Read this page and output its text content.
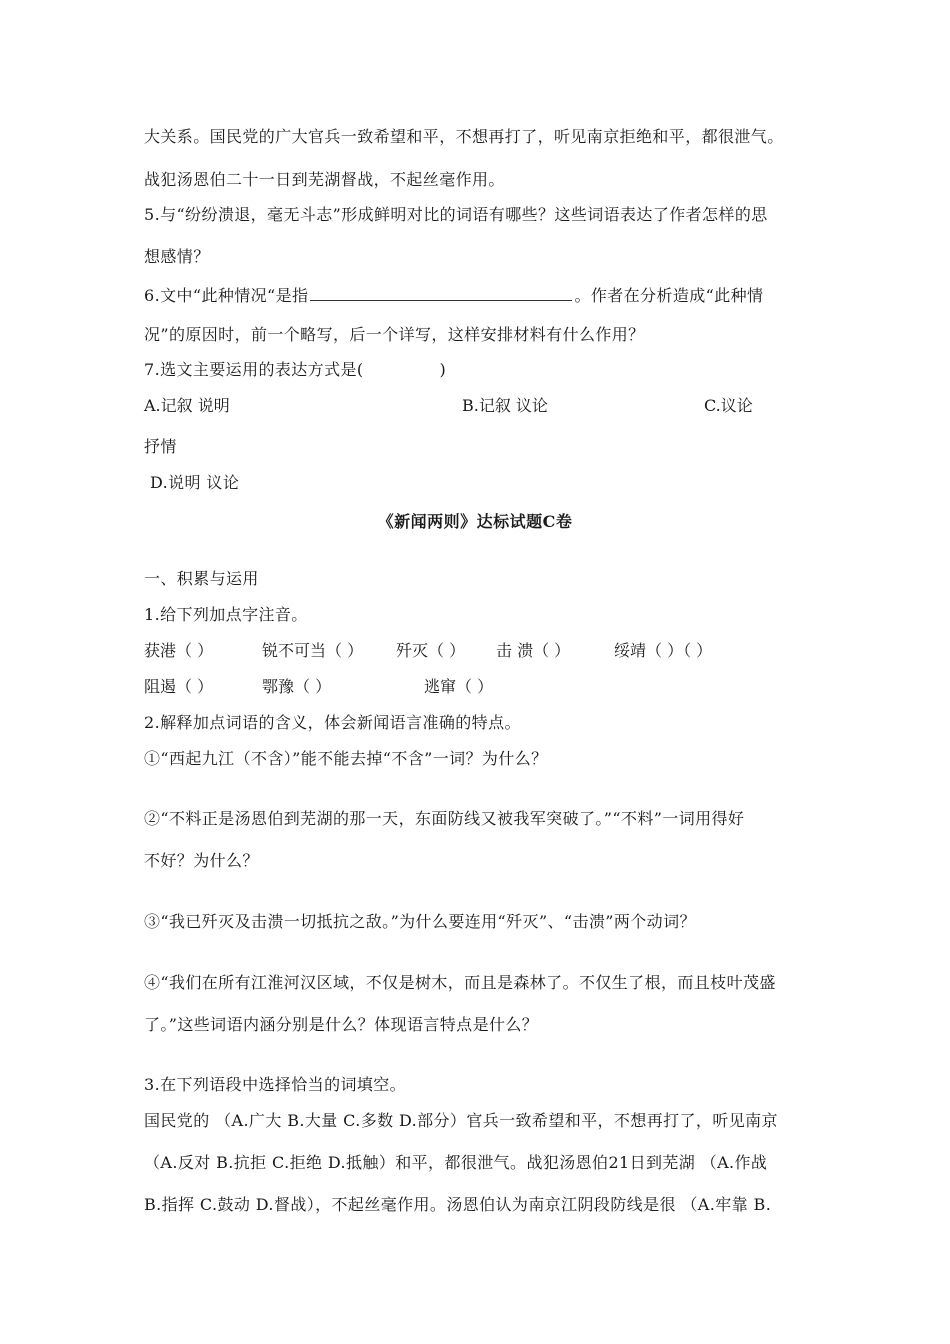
大关系。国民党的广大官兵一致希望和平，不想再打了，听见南京拒绝和平，都很泄气。
战犯汤恩伯二十一日到芜湖督战，不起丝毫作用。
5.与“纷纷溃退，毫无斗志”形成鲜明对比的词语有哪些？这些词语表达了作者怎样的思
想感情？
6.文中“此种情况“是指	。作者在分析造成“此种情
况”的原因时，前一个略写，后一个详写，这样安排材料有什么作用？
7.选文主要运用的表达方式是(	)
A.记叙 说明	B.记叙 议论	C.议论
抒情
D.说明 议论
《新闻两则》达标试题C卷
一、积累与运用
1.给下列加点字注音。
获港（ ）	锐不可当（ ） 歼灭（ ） 击 溃（ ）	绥靖（ ）（ ）
阻遏（ ）	鄂豫（ ）	逃窜（ ）
2.解释加点词语的含义，体会新闻语言准确的特点。
①“西起九江（不含）”能不能去掉“不含”一词？为什么？
②“不料正是汤恩伯到芜湖的那一天，东面防线又被我军突破了。”“不料”一词用得好
不好？为什么？
③“我已歼灭及击溃一切抵抗之敌。”为什么要连用“歼灭”、“击溃”两个动词？
④“我们在所有江淮河汉区域，不仅是树木，而且是森林了。不仅生了根，而且枝叶茂盛
了。”这些词语内涵分别是什么？体现语言特点是什么？
3.在下列语段中选择恰当的词填空。
国民党的 （A.广大 B.大量 C.多数 D.部分）官兵一致希望和平，不想再打了，听见南京
（A.反对 B.抗拒 C.拒绝 D.抵触）和平，都很泄气。战犯汤恩伯21日到芜湖 （A.作战
B.指挥 C.鼓动 D.督战），不起丝毫作用。汤恩伯认为南京江阴段防线是很 （A.牢靠 B.
